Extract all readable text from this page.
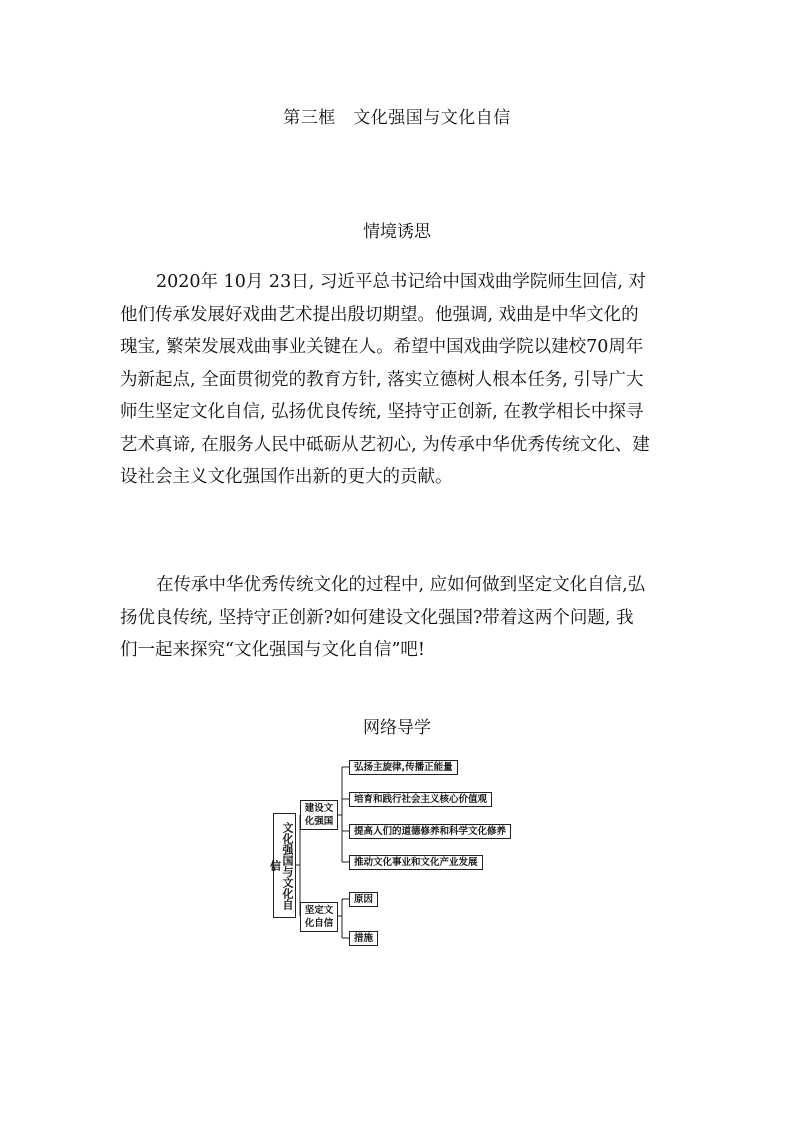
第三框　文化强国与文化自信
情境诱思
2020年 10月 23日, 习近平总书记给中国戏曲学院师生回信, 对
他们传承发展好戏曲艺术提出殷切期望。他强调, 戏曲是中华文化的
瑰宝, 繁荣发展戏曲事业关键在人。希望中国戏曲学院以建校70周年
为新起点, 全面贯彻党的教育方针, 落实立德树人根本任务, 引导广大
师生坚定文化自信, 弘扬优良传统, 坚持守正创新, 在教学相长中探寻
艺术真谛, 在服务人民中砥砺从艺初心, 为传承中华优秀传统文化、建
设社会主义文化强国作出新的更大的贡献。
在传承中华优秀传统文化的过程中, 应如何做到坚定文化自信,弘
扬优良传统, 坚持守正创新?如何建设文化强国?带着这两个问题, 我
们一起来探究“文化强国与文化自信”吧!
网络导学
文化强国与文化自信
建设文化强国
坚定文化自信
弘扬主旋律,传播正能量
培育和践行社会主义核心价值观
提高人们的道德修养和科学文化修养
推动文化事业和文化产业发展
原因
措施
